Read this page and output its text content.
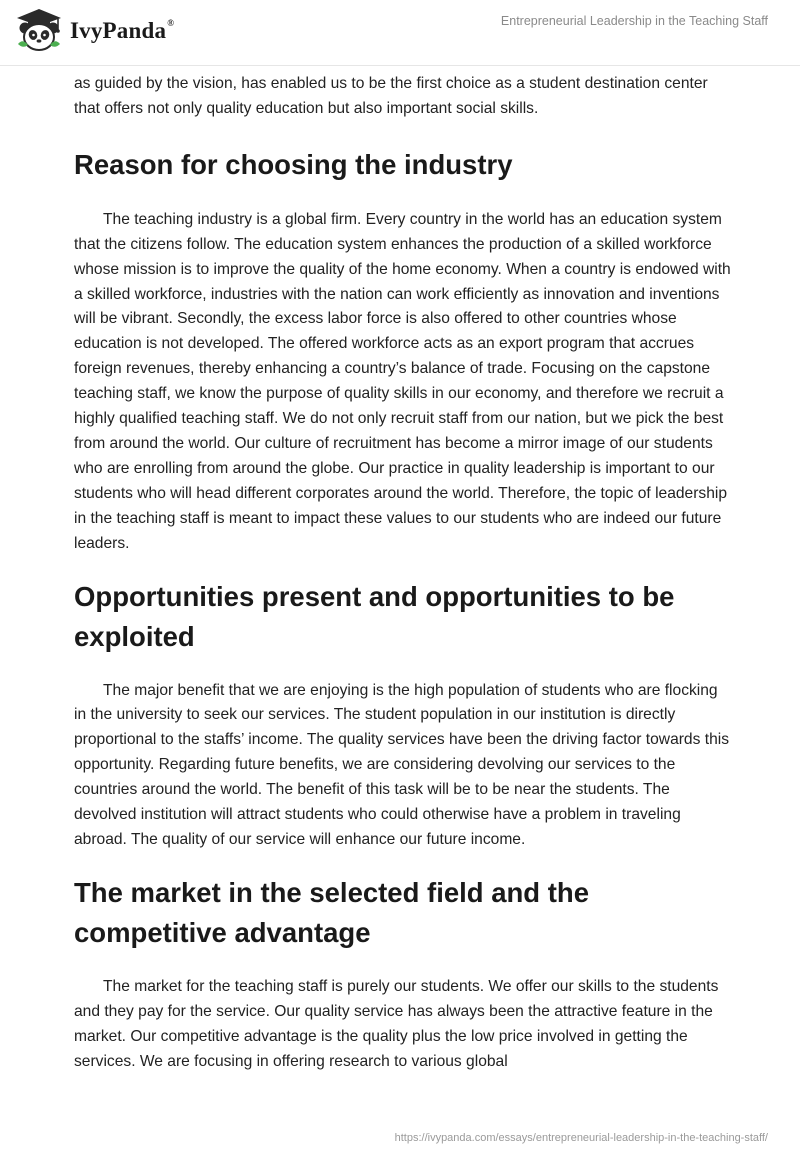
IvyPanda®	Entrepreneurial Leadership in the Teaching Staff

as guided by the vision, has enabled us to be the first choice as a student destination center that offers not only quality education but also important social skills.

Reason for choosing the industry

The teaching industry is a global firm. Every country in the world has an education system that the citizens follow. The education system enhances the production of a skilled workforce whose mission is to improve the quality of the home economy. When a country is endowed with a skilled workforce, industries with the nation can work efficiently as innovation and inventions will be vibrant. Secondly, the excess labor force is also offered to other countries whose education is not developed. The offered workforce acts as an export program that accrues foreign revenues, thereby enhancing a country’s balance of trade. Focusing on the capstone teaching staff, we know the purpose of quality skills in our economy, and therefore we recruit a highly qualified teaching staff. We do not only recruit staff from our nation, but we pick the best from around the world. Our culture of recruitment has become a mirror image of our students who are enrolling from around the globe. Our practice in quality leadership is important to our students who will head different corporates around the world. Therefore, the topic of leadership in the teaching staff is meant to impact these values to our students who are indeed our future leaders.

Opportunities present and opportunities to be exploited

The major benefit that we are enjoying is the high population of students who are flocking in the university to seek our services. The student population in our institution is directly proportional to the staffs’ income. The quality services have been the driving factor towards this opportunity. Regarding future benefits, we are considering devolving our services to the countries around the world. The benefit of this task will be to be near the students. The devolved institution will attract students who could otherwise have a problem in traveling abroad. The quality of our service will enhance our future income.

The market in the selected field and the competitive advantage

The market for the teaching staff is purely our students. We offer our skills to the students and they pay for the service. Our quality service has always been the attractive feature in the market. Our competitive advantage is the quality plus the low price involved in getting the services. We are focusing in offering research to various global

https://ivypanda.com/essays/entrepreneurial-leadership-in-the-teaching-staff/
